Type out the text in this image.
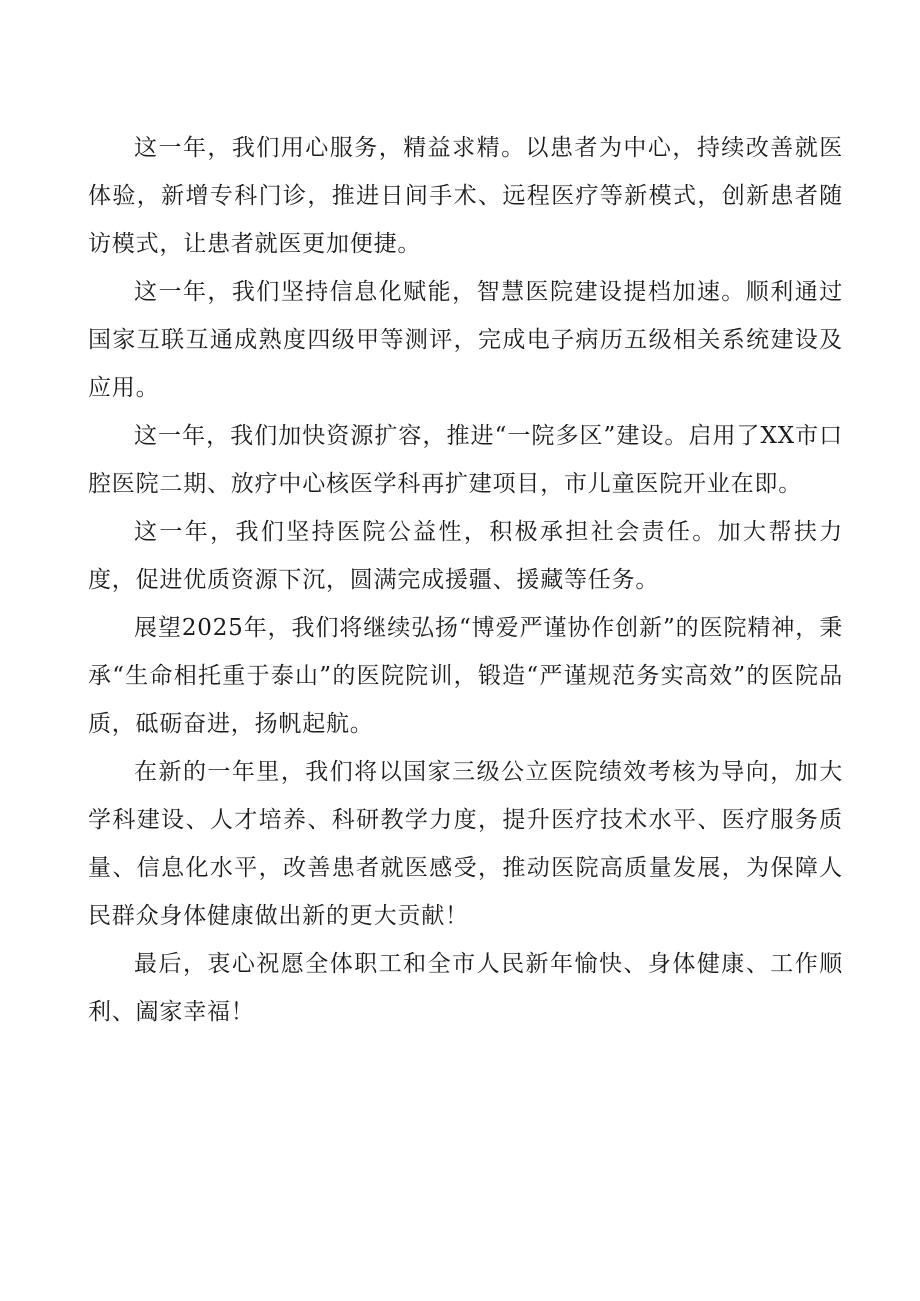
这一年，我们用心服务，精益求精。以患者为中心，持续改善就医体验，新增专科门诊，推进日间手术、远程医疗等新模式，创新患者随访模式，让患者就医更加便捷。

这一年，我们坚持信息化赋能，智慧医院建设提档加速。顺利通过国家互联互通成熟度四级甲等测评，完成电子病历五级相关系统建设及应用。

这一年，我们加快资源扩容，推进“一院多区”建设。启用了XX市口腔医院二期、放疗中心核医学科再扩建项目，市儿童医院开业在即。

这一年，我们坚持医院公益性，积极承担社会责任。加大帮扶力度，促进优质资源下沉，圆满完成援疆、援藏等任务。

展望2025年，我们将继续弘扬“博爱严谨协作创新”的医院精神，秉承“生命相托重于泰山”的医院院训，锻造“严谨规范务实高效”的医院品质，砥砺奋进，扬帆起航。

在新的一年里，我们将以国家三级公立医院绩效考核为导向，加大学科建设、人才培养、科研教学力度，提升医疗技术水平、医疗服务质量、信息化水平，改善患者就医感受，推动医院高质量发展，为保障人民群众身体健康做出新的更大贡献！

最后，衷心祝愿全体职工和全市人民新年愉快、身体健康、工作顺利、阖家幸福！
